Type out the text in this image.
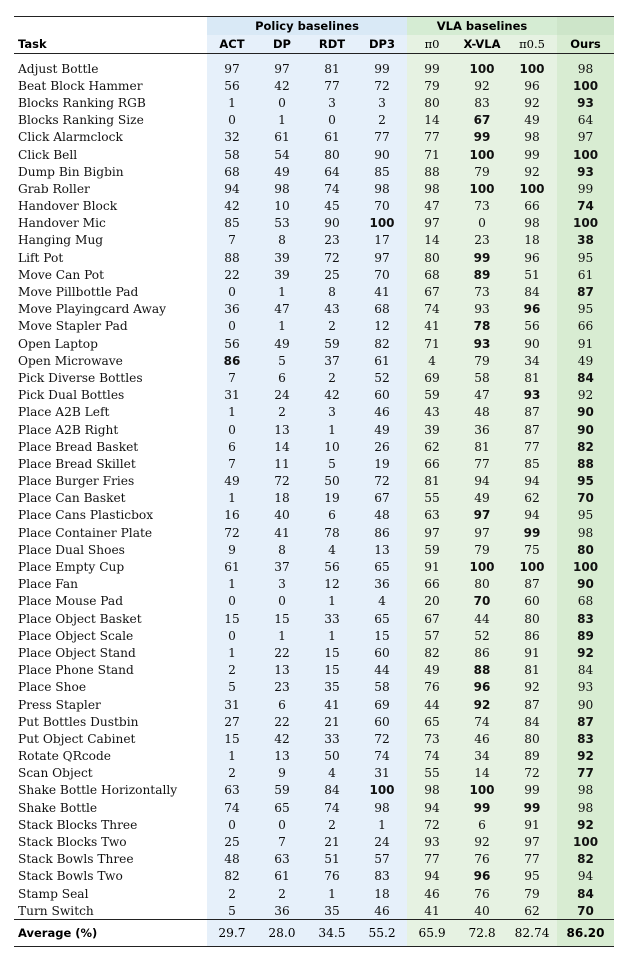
	Policy baselines				VLA baselines			
Task	ACT	DP	RDT	DP3	π0	X-VLA	π0.5	Ours
Adjust Bottle	97	97	81	99	99	100	100	98
Beat Block Hammer	56	42	77	72	79	92	96	100
Blocks Ranking RGB	1	0	3	3	80	83	92	93
Blocks Ranking Size	0	1	0	2	14	67	49	64
Click Alarmclock	32	61	61	77	77	99	98	97
Click Bell	58	54	80	90	71	100	99	100
Dump Bin Bigbin	68	49	64	85	88	79	92	93
Grab Roller	94	98	74	98	98	100	100	99
Handover Block	42	10	45	70	47	73	66	74
Handover Mic	85	53	90	100	97	0	98	100
Hanging Mug	7	8	23	17	14	23	18	38
Lift Pot	88	39	72	97	80	99	96	95
Move Can Pot	22	39	25	70	68	89	51	61
Move Pillbottle Pad	0	1	8	41	67	73	84	87
Move Playingcard Away	36	47	43	68	74	93	96	95
Move Stapler Pad	0	1	2	12	41	78	56	66
Open Laptop	56	49	59	82	71	93	90	91
Open Microwave	86	5	37	61	4	79	34	49
Pick Diverse Bottles	7	6	2	52	69	58	81	84
Pick Dual Bottles	31	24	42	60	59	47	93	92
Place A2B Left	1	2	3	46	43	48	87	90
Place A2B Right	0	13	1	49	39	36	87	90
Place Bread Basket	6	14	10	26	62	81	77	82
Place Bread Skillet	7	11	5	19	66	77	85	88
Place Burger Fries	49	72	50	72	81	94	94	95
Place Can Basket	1	18	19	67	55	49	62	70
Place Cans Plasticbox	16	40	6	48	63	97	94	95
Place Container Plate	72	41	78	86	97	97	99	98
Place Dual Shoes	9	8	4	13	59	79	75	80
Place Empty Cup	61	37	56	65	91	100	100	100
Place Fan	1	3	12	36	66	80	87	90
Place Mouse Pad	0	0	1	4	20	70	60	68
Place Object Basket	15	15	33	65	67	44	80	83
Place Object Scale	0	1	1	15	57	52	86	89
Place Object Stand	1	22	15	60	82	86	91	92
Place Phone Stand	2	13	15	44	49	88	81	84
Place Shoe	5	23	35	58	76	96	92	93
Press Stapler	31	6	41	69	44	92	87	90
Put Bottles Dustbin	27	22	21	60	65	74	84	87
Put Object Cabinet	15	42	33	72	73	46	80	83
Rotate QRcode	1	13	50	74	74	34	89	92
Scan Object	2	9	4	31	55	14	72	77
Shake Bottle Horizontally	63	59	84	100	98	100	99	98
Shake Bottle	74	65	74	98	94	99	99	98
Stack Blocks Three	0	0	2	1	72	6	91	92
Stack Blocks Two	25	7	21	24	93	92	97	100
Stack Bowls Three	48	63	51	57	77	76	77	82
Stack Bowls Two	82	61	76	83	94	96	95	94
Stamp Seal	2	2	1	18	46	76	79	84
Turn Switch	5	36	35	46	41	40	62	70
Average (%)	29.7	28.0	34.5	55.2	65.9	72.8	82.74	86.20
